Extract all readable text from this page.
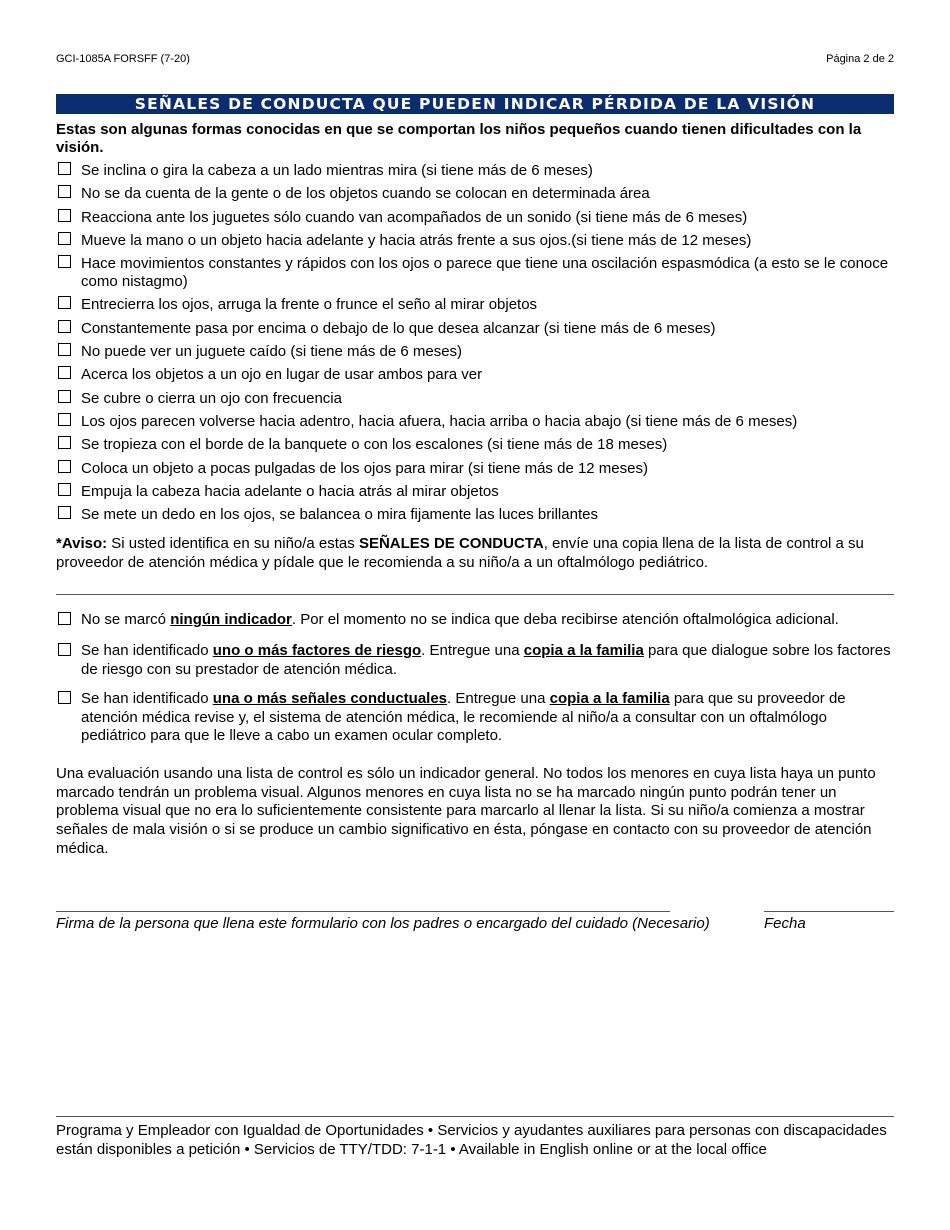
GCI-1085A FORSFF (7-20)	Página 2 de 2
SEÑALES DE CONDUCTA QUE PUEDEN INDICAR PÉRDIDA DE LA VISIÓN
Estas son algunas formas conocidas en que se comportan los niños pequeños cuando tienen dificultades con la visión.
Se inclina o gira la cabeza a un lado mientras mira (si tiene más de 6 meses)
No se da cuenta de la gente o de los objetos cuando se colocan en determinada área
Reacciona ante los juguetes sólo cuando van acompañados de un sonido (si tiene más de 6 meses)
Mueve la mano o un objeto hacia adelante y hacia atrás frente a sus ojos.(si tiene más de 12 meses)
Hace movimientos constantes y rápidos con los ojos o parece que tiene una oscilación espasmódica (a esto se le conoce como nistagmo)
Entrecierra los ojos, arruga la frente o frunce el seño al mirar objetos
Constantemente pasa por encima o debajo de lo que desea alcanzar (si tiene más de 6 meses)
No puede ver un juguete caído (si tiene más de 6 meses)
Acerca los objetos a un ojo en lugar de usar ambos para ver
Se cubre o cierra un ojo con frecuencia
Los ojos parecen volverse hacia adentro, hacia afuera, hacia arriba o hacia abajo (si tiene más de 6 meses)
Se tropieza con el borde de la banquete o con los escalones (si tiene más de 18 meses)
Coloca un objeto a pocas pulgadas de los ojos para mirar (si tiene más de 12 meses)
Empuja la cabeza hacia adelante o hacia atrás al mirar objetos
Se mete un dedo en los ojos, se balancea o mira fijamente las luces brillantes
*Aviso: Si usted identifica en su niño/a estas SEÑALES DE CONDUCTA, envíe una copia llena de la lista de control a su proveedor de atención médica y pídale que le recomienda a su niño/a a un oftalmólogo pediátrico.
No se marcó ningún indicador. Por el momento no se indica que deba recibirse atención oftalmológica adicional.
Se han identificado uno o más factores de riesgo. Entregue una copia a la familia para que dialogue sobre los factores de riesgo con su prestador de atención médica.
Se han identificado una o más señales conductuales. Entregue una copia a la familia para que su proveedor de atención médica revise y, el sistema de atención médica, le recomiende al niño/a a consultar con un oftalmólogo pediátrico para que le lleve a cabo un examen ocular completo.
Una evaluación usando una lista de control es sólo un indicador general. No todos los menores en cuya lista haya un punto marcado tendrán un problema visual. Algunos menores en cuya lista no se ha marcado ningún punto podrán tener un problema visual que no era lo suficientemente consistente para marcarlo al llenar la lista. Si su niño/a comienza a mostrar señales de mala visión o si se produce un cambio significativo en ésta, póngase en contacto con su proveedor de atención médica.
Firma de la persona que llena este formulario con los padres o encargado del cuidado (Necesario)	Fecha
Programa y Empleador con Igualdad de Oportunidades • Servicios y ayudantes auxiliares para personas con discapacidades están disponibles a petición • Servicios de TTY/TDD: 7-1-1 • Available in English online or at the local office
